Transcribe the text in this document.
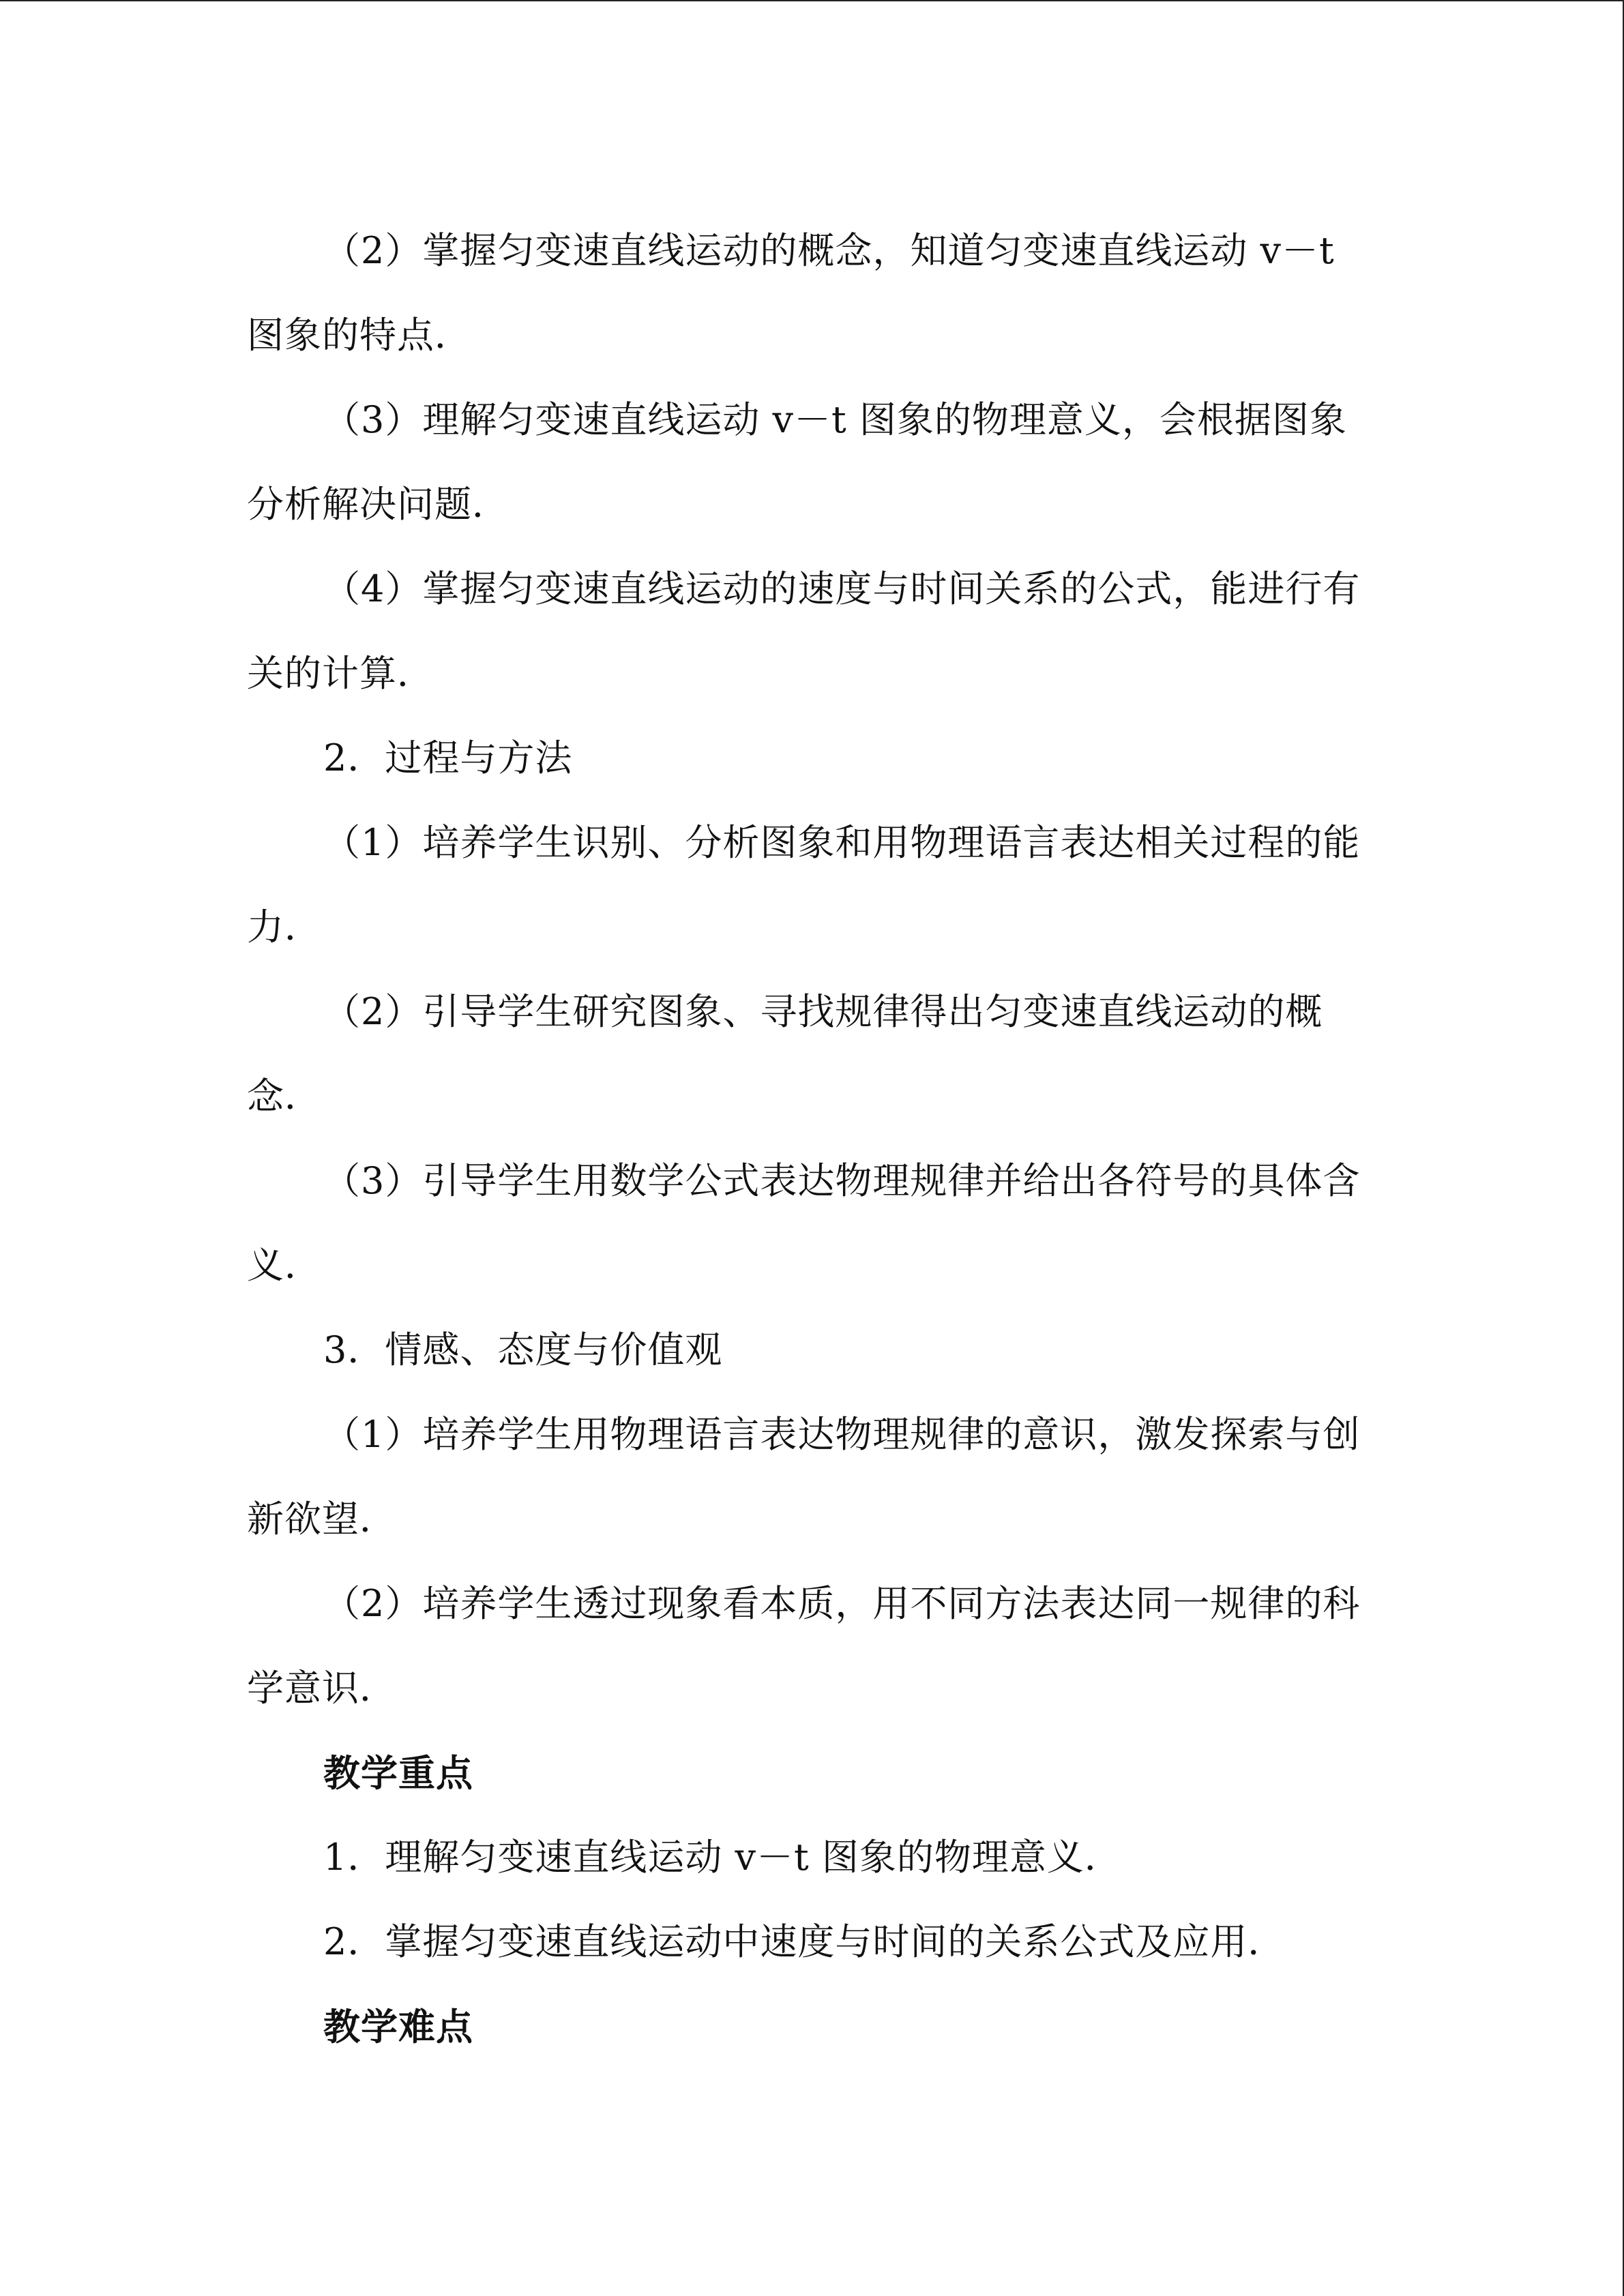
（2）掌握匀变速直线运动的概念，知道匀变速直线运动 v－t
图象的特点．
（3）理解匀变速直线运动 v－t 图象的物理意义，会根据图象
分析解决问题．
（4）掌握匀变速直线运动的速度与时间关系的公式，能进行有
关的计算．
2．过程与方法
（1）培养学生识别、分析图象和用物理语言表达相关过程的能
力．
（2）引导学生研究图象、寻找规律得出匀变速直线运动的概
念．
（3）引导学生用数学公式表达物理规律并给出各符号的具体含
义．
3．情感、态度与价值观
（1）培养学生用物理语言表达物理规律的意识，激发探索与创
新欲望．
（2）培养学生透过现象看本质，用不同方法表达同一规律的科
学意识．
教学重点
1．理解匀变速直线运动 v－t 图象的物理意义．
2．掌握匀变速直线运动中速度与时间的关系公式及应用．
教学难点
